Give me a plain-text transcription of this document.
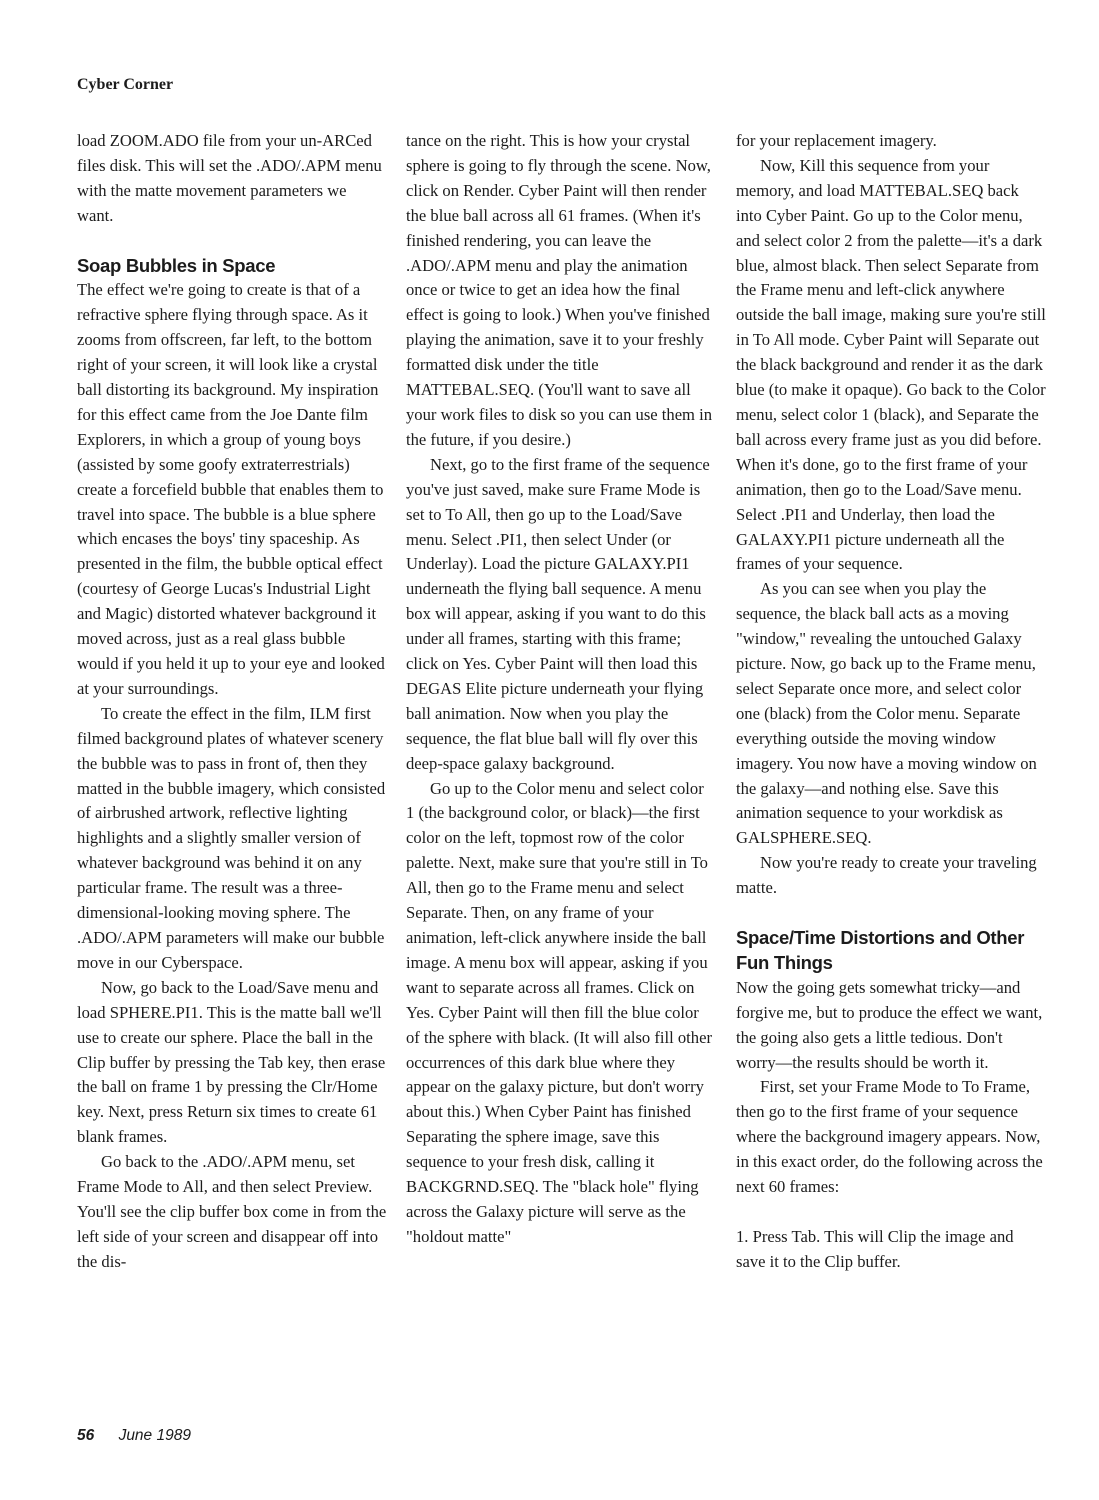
Cyber Corner

load ZOOM.ADO file from your un-ARCed files disk. This will set the .ADO/.APM menu with the matte movement parameters we want.

Soap Bubbles in Space

The effect we're going to create is that of a refractive sphere flying through space. As it zooms from offscreen, far left, to the bottom right of your screen, it will look like a crystal ball distorting its background. My inspiration for this effect came from the Joe Dante film Explorers, in which a group of young boys (assisted by some goofy extraterrestrials) create a forcefield bubble that enables them to travel into space. The bubble is a blue sphere which encases the boys' tiny spaceship. As presented in the film, the bubble optical effect (courtesy of George Lucas's Industrial Light and Magic) distorted whatever background it moved across, just as a real glass bubble would if you held it up to your eye and looked at your surroundings.

To create the effect in the film, ILM first filmed background plates of whatever scenery the bubble was to pass in front of, then they matted in the bubble imagery, which consisted of airbrushed artwork, reflective lighting highlights and a slightly smaller version of whatever background was behind it on any particular frame. The result was a three-dimensional-looking moving sphere. The .ADO/.APM parameters will make our bubble move in our Cyberspace.

Now, go back to the Load/Save menu and load SPHERE.PI1. This is the matte ball we'll use to create our sphere. Place the ball in the Clip buffer by pressing the Tab key, then erase the ball on frame 1 by pressing the Clr/Home key. Next, press Return six times to create 61 blank frames.

Go back to the .ADO/.APM menu, set Frame Mode to All, and then select Preview. You'll see the clip buffer box come in from the left side of your screen and disappear off into the dis-

tance on the right. This is how your crystal sphere is going to fly through the scene. Now, click on Render. Cyber Paint will then render the blue ball across all 61 frames. (When it's finished rendering, you can leave the .ADO/.APM menu and play the animation once or twice to get an idea how the final effect is going to look.) When you've finished playing the animation, save it to your freshly formatted disk under the title MATTEBAL.SEQ. (You'll want to save all your work files to disk so you can use them in the future, if you desire.)

Next, go to the first frame of the sequence you've just saved, make sure Frame Mode is set to To All, then go up to the Load/Save menu. Select .PI1, then select Under (or Underlay). Load the picture GALAXY.PI1 underneath the flying ball sequence. A menu box will appear, asking if you want to do this under all frames, starting with this frame; click on Yes. Cyber Paint will then load this DEGAS Elite picture underneath your flying ball animation. Now when you play the sequence, the flat blue ball will fly over this deep-space galaxy background.

Go up to the Color menu and select color 1 (the background color, or black)—the first color on the left, topmost row of the color palette. Next, make sure that you're still in To All, then go to the Frame menu and select Separate. Then, on any frame of your animation, left-click anywhere inside the ball image. A menu box will appear, asking if you want to separate across all frames. Click on Yes. Cyber Paint will then fill the blue color of the sphere with black. (It will also fill other occurrences of this dark blue where they appear on the galaxy picture, but don't worry about this.) When Cyber Paint has finished Separating the sphere image, save this sequence to your fresh disk, calling it BACKGRND.SEQ. The "black hole" flying across the Galaxy picture will serve as the "holdout matte"

for your replacement imagery.

Now, Kill this sequence from your memory, and load MATTEBAL.SEQ back into Cyber Paint. Go up to the Color menu, and select color 2 from the palette—it's a dark blue, almost black. Then select Separate from the Frame menu and left-click anywhere outside the ball image, making sure you're still in To All mode. Cyber Paint will Separate out the black background and render it as the dark blue (to make it opaque). Go back to the Color menu, select color 1 (black), and Separate the ball across every frame just as you did before. When it's done, go to the first frame of your animation, then go to the Load/Save menu. Select .PI1 and Underlay, then load the GALAXY.PI1 picture underneath all the frames of your sequence.

As you can see when you play the sequence, the black ball acts as a moving "window," revealing the untouched Galaxy picture. Now, go back up to the Frame menu, select Separate once more, and select color one (black) from the Color menu. Separate everything outside the moving window imagery. You now have a moving window on the galaxy—and nothing else. Save this animation sequence to your workdisk as GALSPHERE.SEQ.

Now you're ready to create your traveling matte.

Space/Time Distortions and Other Fun Things

Now the going gets somewhat tricky—and forgive me, but to produce the effect we want, the going also gets a little tedious. Don't worry—the results should be worth it.

First, set your Frame Mode to To Frame, then go to the first frame of your sequence where the background imagery appears. Now, in this exact order, do the following across the next 60 frames:

1. Press Tab. This will Clip the image and save it to the Clip buffer.

56 June 1989
